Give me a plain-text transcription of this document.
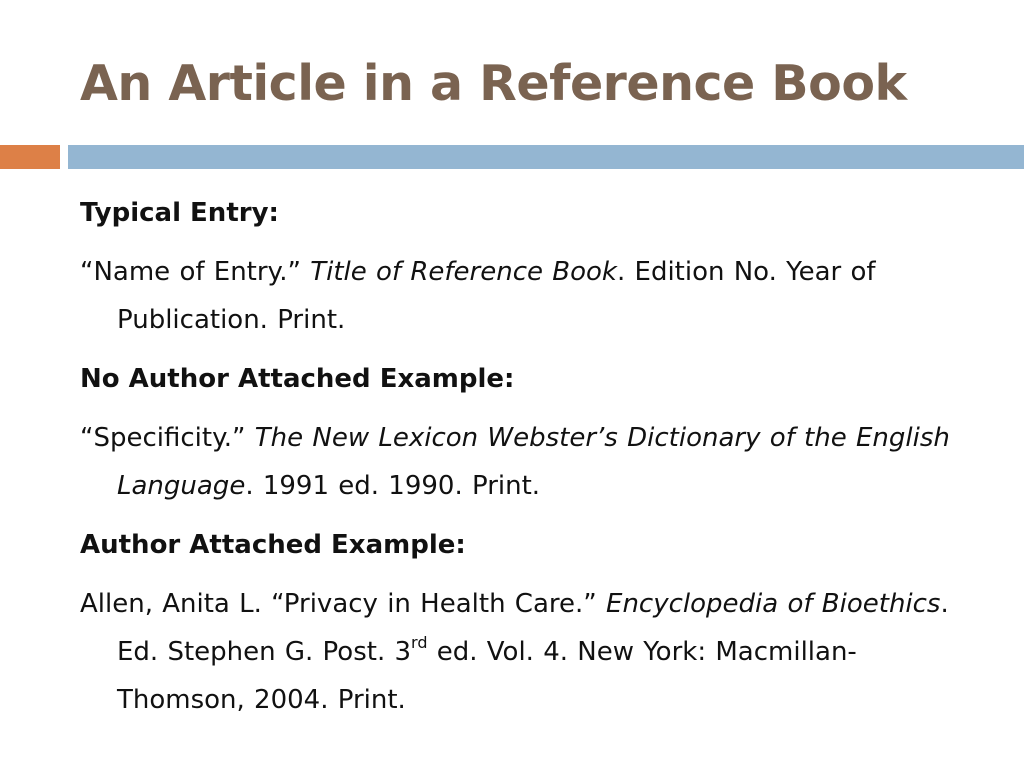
An Article in a Reference Book

Typical Entry:

“Name of Entry.” Title of Reference Book. Edition No. Year of Publication. Print.

No Author Attached Example:

“Specificity.” The New Lexicon Webster’s Dictionary of the English Language. 1991 ed. 1990. Print.

Author Attached Example:

Allen, Anita L. “Privacy in Health Care.” Encyclopedia of Bioethics. Ed. Stephen G. Post. 3rd ed. Vol. 4. New York: Macmillan-Thomson, 2004. Print.
